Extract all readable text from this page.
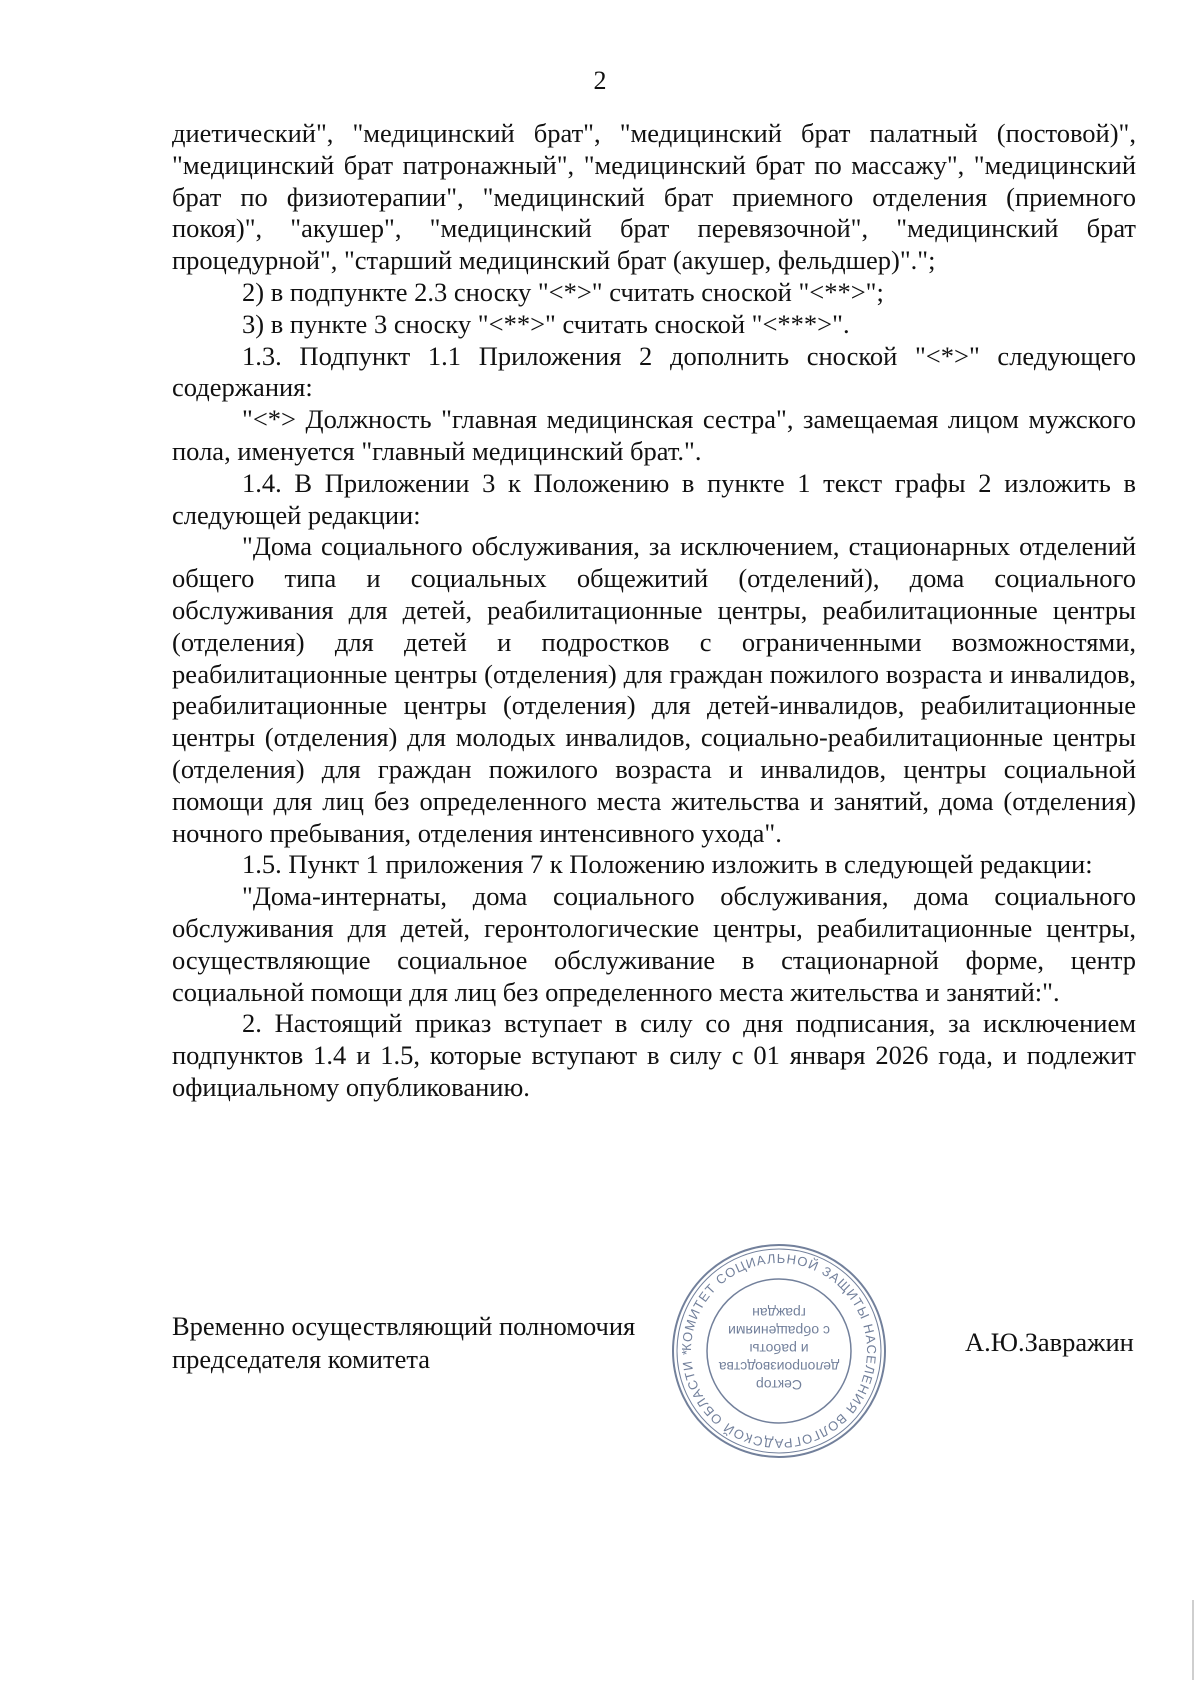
2

диетический", "медицинский брат", "медицинский брат палатный (постовой)", "медицинский брат патронажный", "медицинский брат по массажу", "медицинский брат по физиотерапии", "медицинский брат приемного отделения (приемного покоя)", "акушер", "медицинский брат перевязочной", "медицинский брат процедурной", "старший медицинский брат (акушер, фельдшер)".";

2) в подпункте 2.3 сноску "<*>" считать сноской "<**>";

3) в пункте 3 сноску "<**>" считать сноской "<***>".

1.3. Подпункт 1.1 Приложения 2 дополнить сноской "<*>" следующего содержания:

"<*> Должность "главная медицинская сестра", замещаемая лицом мужского пола, именуется "главный медицинский брат.".

1.4. В Приложении 3 к Положению в пункте 1 текст графы 2 изложить в следующей редакции:

"Дома социального обслуживания, за исключением, стационарных отделений общего типа и социальных общежитий (отделений), дома социального обслуживания для детей, реабилитационные центры, реабилитационные центры (отделения) для детей и подростков с ограниченными возможностями, реабилитационные центры (отделения) для граждан пожилого возраста и инвалидов, реабилитационные центры (отделения) для детей-инвалидов, реабилитационные центры (отделения) для молодых инвалидов, социально-реабилитационные центры (отделения) для граждан пожилого возраста и инвалидов, центры социальной помощи для лиц без определенного места жительства и занятий, дома (отделения) ночного пребывания, отделения интенсивного ухода".

1.5. Пункт 1 приложения 7 к Положению изложить в следующей редакции:

"Дома-интернаты, дома социального обслуживания, дома социального обслуживания для детей, геронтологические центры, реабилитационные центры, осуществляющие социальное обслуживание в стационарной форме, центр социальной помощи для лиц без определенного места жительства и занятий:".

2. Настоящий приказ вступает в силу со дня подписания, за исключением подпунктов 1.4 и 1.5, которые вступают в силу с 01 января 2026 года, и подлежит официальному опубликованию.

Временно осуществляющий полномочия
председателя комитета
А.Ю.Завражин
КОМИТЕТ СОЦИАЛЬНОЙ ЗАЩИТЫ НАСЕЛЕНИЯ ВОЛГОГРАДСКОЙ ОБЛАСТИ *
Сектор
делопроизводства
и работы
с обращениями
граждан
